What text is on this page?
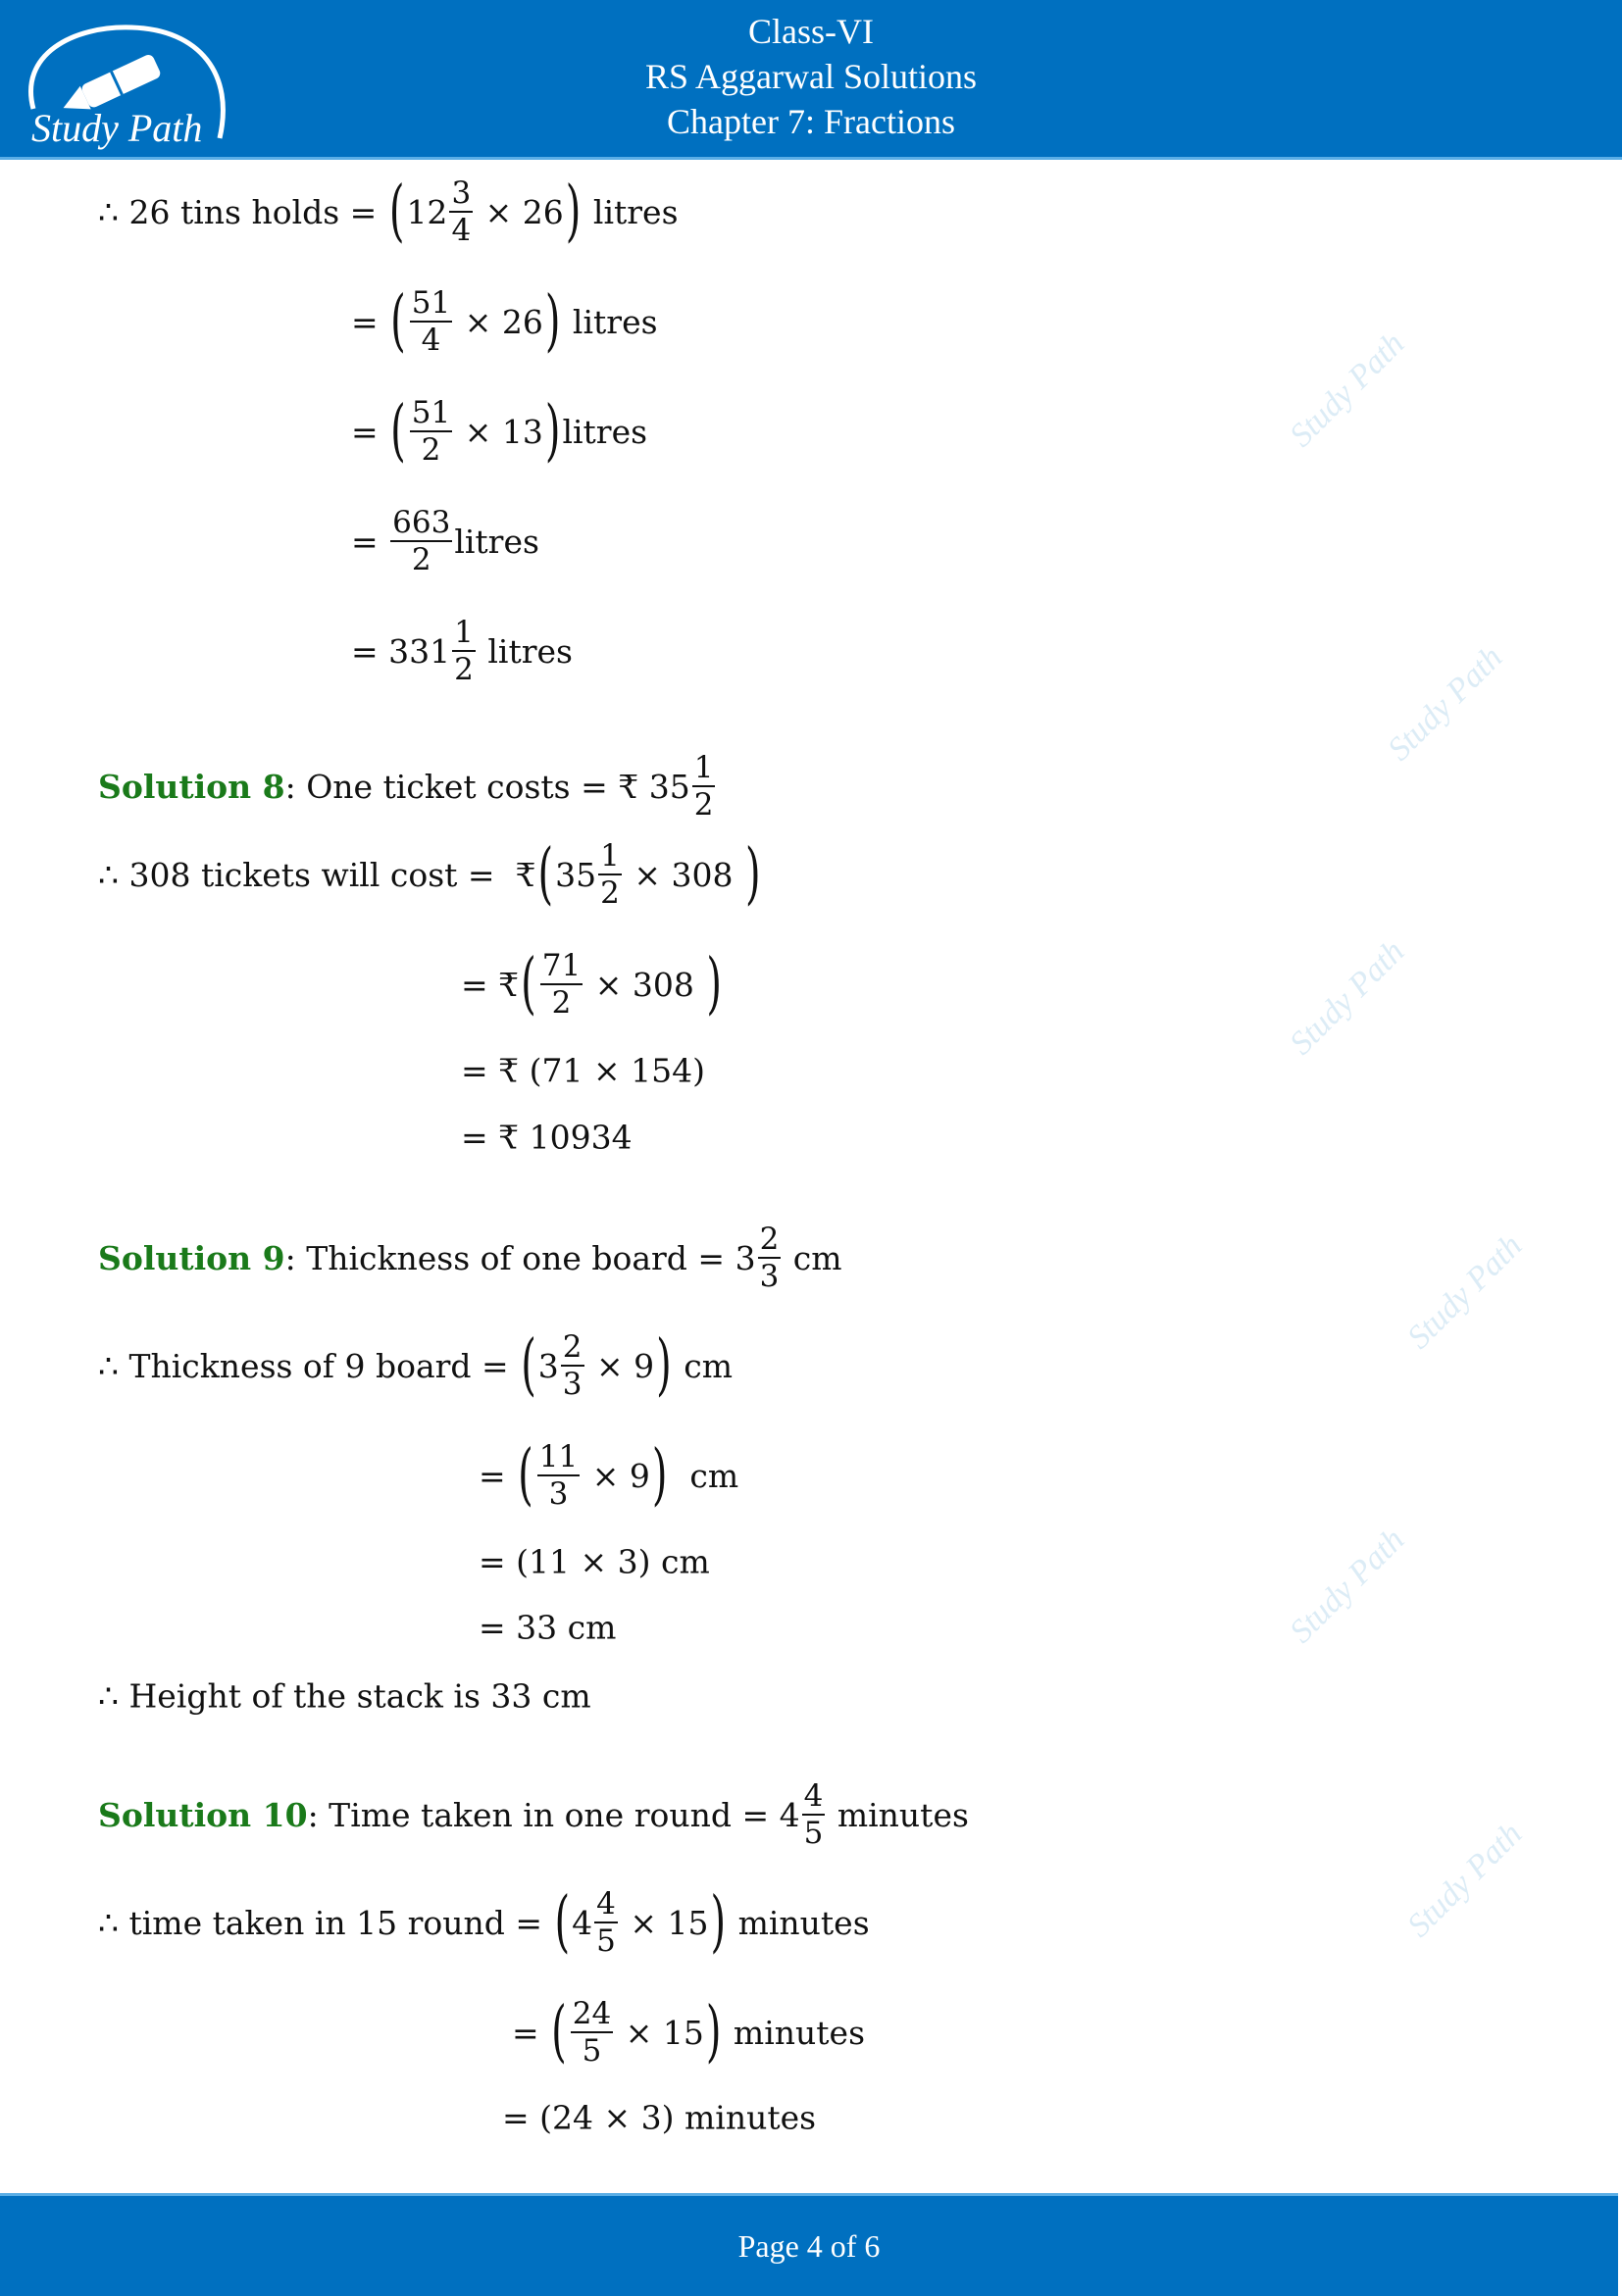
Study Path
Class-VI
RS Aggarwal Solutions
Chapter 7: Fractions
Study Path
Study Path
Study Path
Study Path
Study Path
Study Path
∴ 26 tins holds = ( $12 \frac{3}{4} \times 26$ ) litres
= ( $\frac{51}{4} \times 26$ ) litres
= ( $\frac{51}{2} \times 13$ ) litres
= $\frac{663}{2}$ litres
= $331 \frac{1}{2}$ litres
Solution 8 : One ticket costs = ₹ $35 \frac{1}{2}$
∴ 308 tickets will cost =  ₹ ( $35 \frac{1}{2} \times 308$ )
= ₹ ( $\frac{71}{2} \times 308$ )
= ₹ (71 × 154)
= ₹ 10934
Solution 9 : Thickness of one board = $3 \frac{2}{3}$ cm
∴ Thickness of 9 board = ( $3 \frac{2}{3} \times 9$ ) cm
= ( $\frac{11}{3} \times 9$ ) cm
= (11 × 3) cm
= 33 cm
∴ Height of the stack is 33 cm
Solution 10 : Time taken in one round = $4 \frac{4}{5}$ minutes
∴ time taken in 15 round = ( $4 \frac{4}{5} \times 15$ ) minutes
= ( $\frac{24}{5} \times 15$ ) minutes
= (24 × 3) minutes
Page 4 of 6
